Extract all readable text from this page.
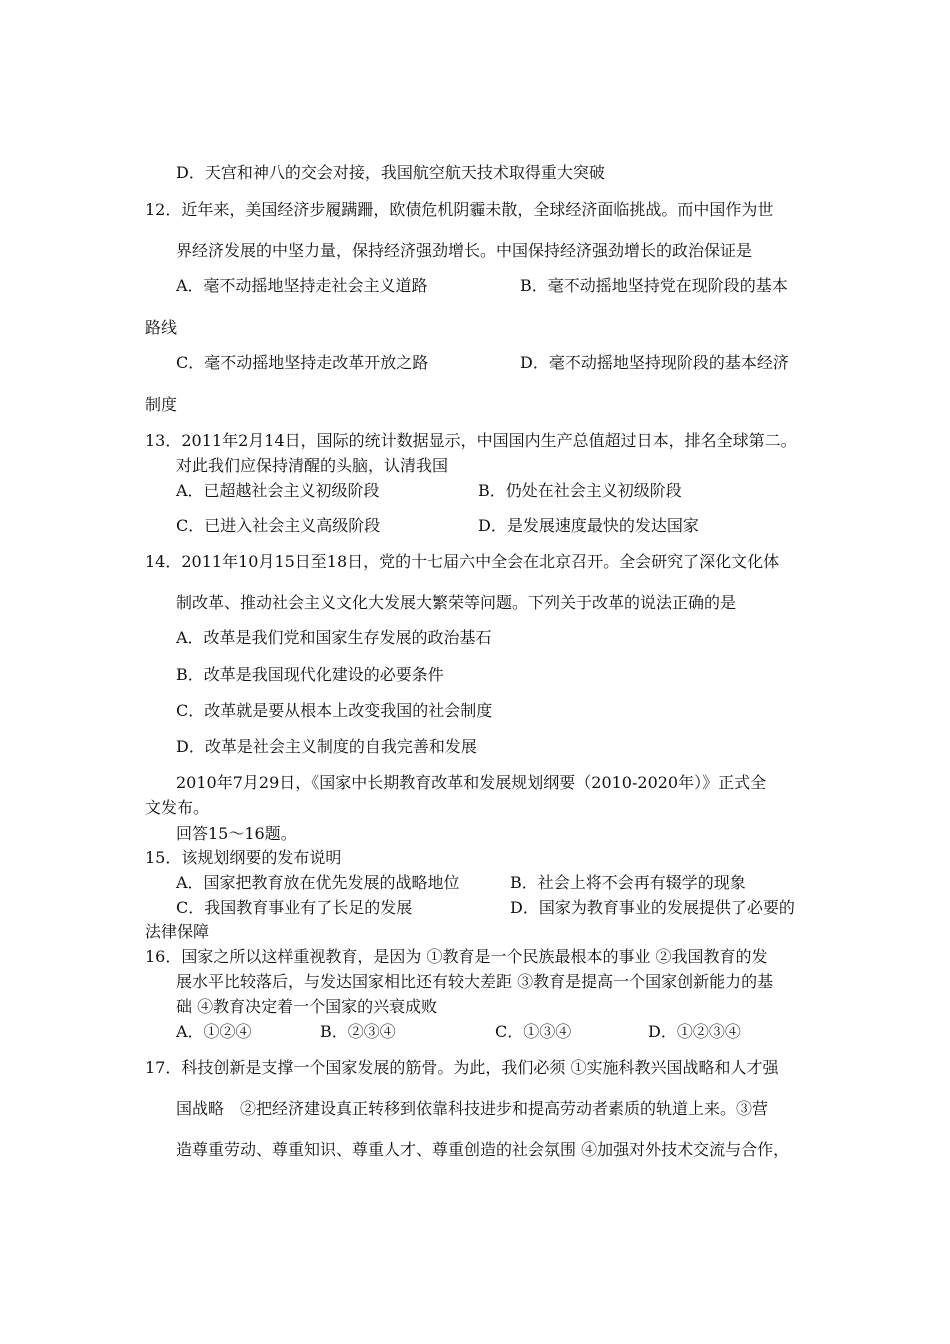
D．天宫和神八的交会对接，我国航空航天技术取得重大突破
12．近年来，美国经济步履蹒跚，欧债危机阴霾未散，全球经济面临挑战。而中国作为世
界经济发展的中坚力量，保持经济强劲增长。中国保持经济强劲增长的政治保证是
A．毫不动摇地坚持走社会主义道路	B．毫不动摇地坚持党在现阶段的基本
路线
C．毫不动摇地坚持走改革开放之路	D．毫不动摇地坚持现阶段的基本经济
制度
13．2011年2月14日，国际的统计数据显示，中国国内生产总值超过日本，排名全球第二。
对此我们应保持清醒的头脑，认清我国
A．已超越社会主义初级阶段	B．仍处在社会主义初级阶段
C．已进入社会主义高级阶段	D．是发展速度最快的发达国家
14．2011年10月15日至18日，党的十七届六中全会在北京召开。全会研究了深化文化体
制改革、推动社会主义文化大发展大繁荣等问题。下列关于改革的说法正确的是
A．改革是我们党和国家生存发展的政治基石
B．改革是我国现代化建设的必要条件
C．改革就是要从根本上改变我国的社会制度
D．改革是社会主义制度的自我完善和发展
2010年7月29日，《国家中长期教育改革和发展规划纲要（2010-2020年）》正式全
文发布。
回答15～16题。
15．该规划纲要的发布说明
A．国家把教育放在优先发展的战略地位	B．社会上将不会再有辍学的现象
C．我国教育事业有了长足的发展	D．国家为教育事业的发展提供了必要的
法律保障
16．国家之所以这样重视教育，是因为 ①教育是一个民族最根本的事业 ②我国教育的发
展水平比较落后，与发达国家相比还有较大差距 ③教育是提高一个国家创新能力的基
础 ④教育决定着一个国家的兴衰成败
A．①②④	B．②③④	C．①③④	D．①②③④
17．科技创新是支撑一个国家发展的筋骨。为此，我们必须 ①实施科教兴国战略和人才强
国战略　②把经济建设真正转移到依靠科技进步和提高劳动者素质的轨道上来。③营
造尊重劳动、尊重知识、尊重人才、尊重创造的社会氛围 ④加强对外技术交流与合作，
